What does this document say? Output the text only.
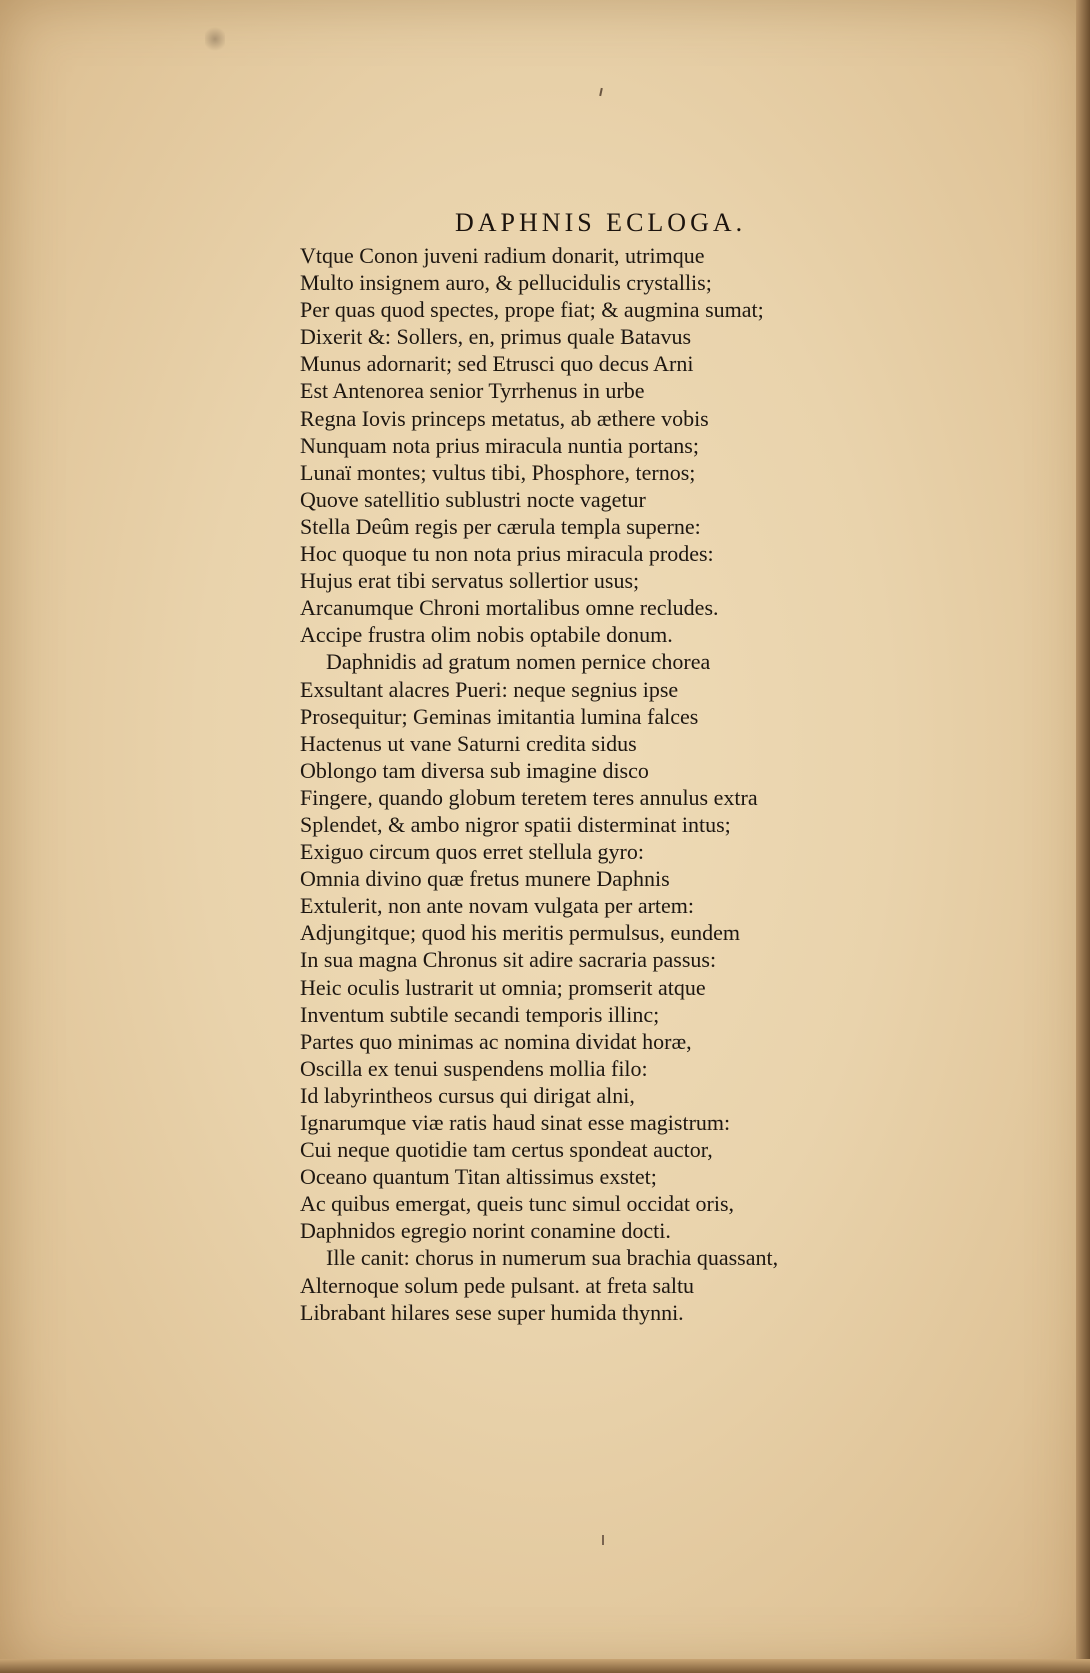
DAPHNIS ECLOGA.
Vtque Conon juveni radium donarit, utrimque
Multo insignem auro, & pellucidulis crystallis;
Per quas quod spectes, prope fiat; & augmina sumat;
Dixerit &: Sollers, en, primus quale Batavus
Munus adornarit; sed Etrusci quo decus Arni
Est Antenorea senior Tyrrhenus in urbe
Regna Iovis princeps metatus, ab æthere vobis
Nunquam nota prius miracula nuntia portans;
Lunaï montes; vultus tibi, Phosphore, ternos;
Quove satellitio sublustri nocte vagetur
Stella Deûm regis per cærula templa superne:
Hoc quoque tu non nota prius miracula prodes:
Hujus erat tibi servatus sollertior usus;
Arcanumque Chroni mortalibus omne recludes.
Accipe frustra olim nobis optabile donum.
Daphnidis ad gratum nomen pernice chorea
Exsultant alacres Pueri: neque segnius ipse
Prosequitur; Geminas imitantia lumina falces
Hactenus ut vane Saturni credita sidus
Oblongo tam diversa sub imagine disco
Fingere, quando globum teretem teres annulus extra
Splendet, & ambo nigror spatii disterminat intus;
Exiguo circum quos erret stellula gyro:
Omnia divino quæ fretus munere Daphnis
Extulerit, non ante novam vulgata per artem:
Adjungitque; quod his meritis permulsus, eundem
In sua magna Chronus sit adire sacraria passus:
Heic oculis lustrarit ut omnia; promserit atque
Inventum subtile secandi temporis illinc;
Partes quo minimas ac nomina dividat horæ,
Oscilla ex tenui suspendens mollia filo:
Id labyrintheos cursus qui dirigat alni,
Ignarumque viæ ratis haud sinat esse magistrum:
Cui neque quotidie tam certus spondeat auctor,
Oceano quantum Titan altissimus exstet;
Ac quibus emergat, queis tunc simul occidat oris,
Daphnidos egregio norint conamine docti.
Ille canit: chorus in numerum sua brachia quassant,
Alternoque solum pede pulsant. at freta saltu
Librabant hilares sese super humida thynni.
